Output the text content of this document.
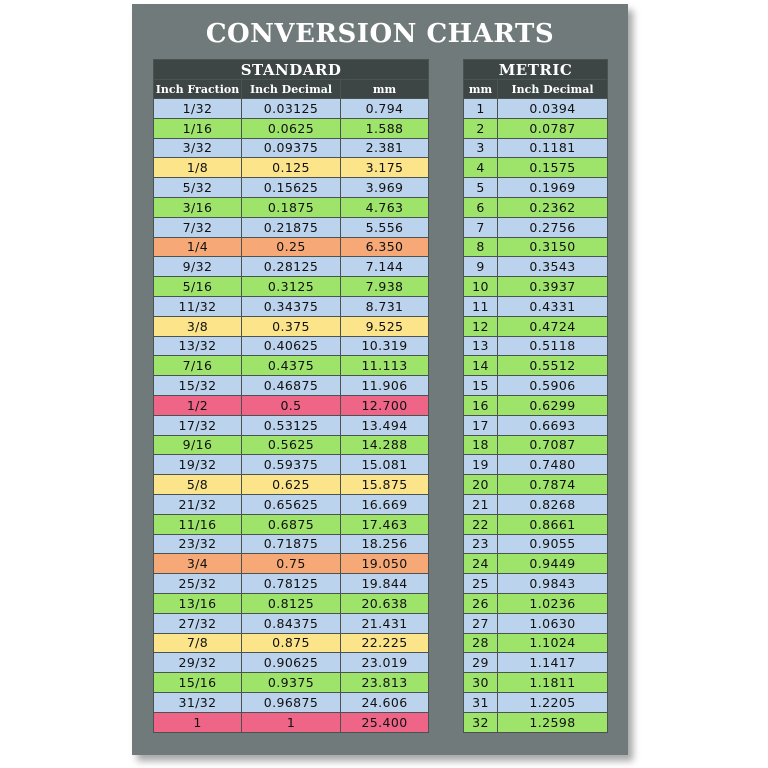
CONVERSION CHARTS
STANDARD		
Inch Fraction	Inch Decimal	mm
1/32	0.03125	0.794
1/16	0.0625	1.588
3/32	0.09375	2.381
1/8	0.125	3.175
5/32	0.15625	3.969
3/16	0.1875	4.763
7/32	0.21875	5.556
1/4	0.25	6.350
9/32	0.28125	7.144
5/16	0.3125	7.938
11/32	0.34375	8.731
3/8	0.375	9.525
13/32	0.40625	10.319
7/16	0.4375	11.113
15/32	0.46875	11.906
1/2	0.5	12.700
17/32	0.53125	13.494
9/16	0.5625	14.288
19/32	0.59375	15.081
5/8	0.625	15.875
21/32	0.65625	16.669
11/16	0.6875	17.463
23/32	0.71875	18.256
3/4	0.75	19.050
25/32	0.78125	19.844
13/16	0.8125	20.638
27/32	0.84375	21.431
7/8	0.875	22.225
29/32	0.90625	23.019
15/16	0.9375	23.813
31/32	0.96875	24.606
1	1	25.400
METRIC	
mm	Inch Decimal
1	0.0394
2	0.0787
3	0.1181
4	0.1575
5	0.1969
6	0.2362
7	0.2756
8	0.3150
9	0.3543
10	0.3937
11	0.4331
12	0.4724
13	0.5118
14	0.5512
15	0.5906
16	0.6299
17	0.6693
18	0.7087
19	0.7480
20	0.7874
21	0.8268
22	0.8661
23	0.9055
24	0.9449
25	0.9843
26	1.0236
27	1.0630
28	1.1024
29	1.1417
30	1.1811
31	1.2205
32	1.2598
